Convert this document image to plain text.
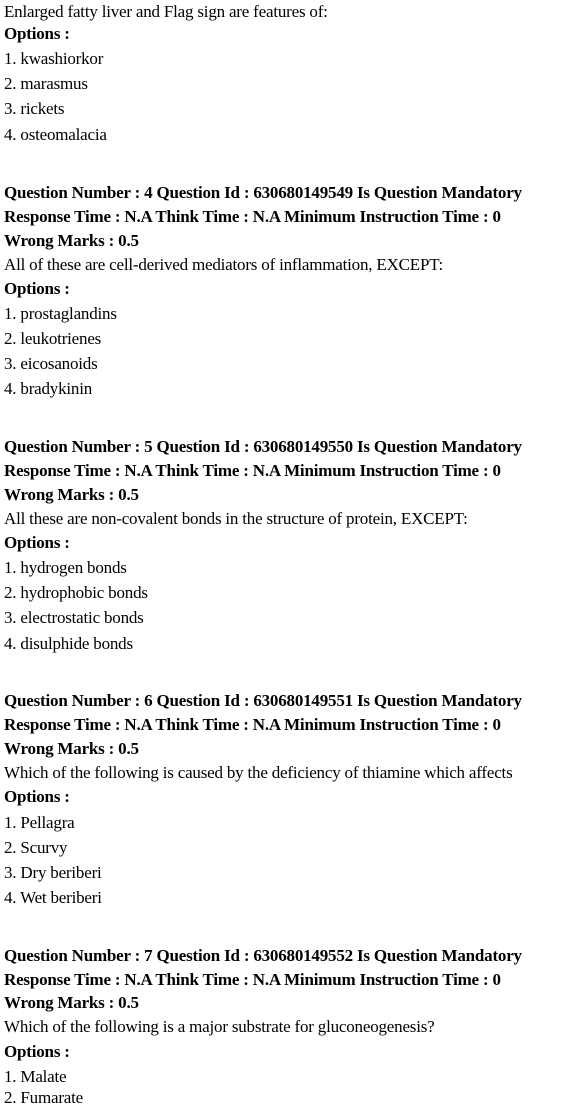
Enlarged fatty liver and Flag sign are features of:
Options :
1. kwashiorkor
2. marasmus
3. rickets
4. osteomalacia
Question Number : 4 Question Id : 630680149549 Is Question Mandatory
Response Time : N.A Think Time : N.A Minimum Instruction Time : 0
Wrong Marks : 0.5
All of these are cell-derived mediators of inflammation, EXCEPT:
Options :
1. prostaglandins
2. leukotrienes
3. eicosanoids
4. bradykinin
Question Number : 5 Question Id : 630680149550 Is Question Mandatory
Response Time : N.A Think Time : N.A Minimum Instruction Time : 0
Wrong Marks : 0.5
All these are non-covalent bonds in the structure of protein, EXCEPT:
Options :
1. hydrogen bonds
2. hydrophobic bonds
3. electrostatic bonds
4. disulphide bonds
Question Number : 6 Question Id : 630680149551 Is Question Mandatory
Response Time : N.A Think Time : N.A Minimum Instruction Time : 0
Wrong Marks : 0.5
Which of the following is caused by the deficiency of thiamine which affects
Options :
1. Pellagra
2. Scurvy
3. Dry beriberi
4. Wet beriberi
Question Number : 7 Question Id : 630680149552 Is Question Mandatory
Response Time : N.A Think Time : N.A Minimum Instruction Time : 0
Wrong Marks : 0.5
Which of the following is a major substrate for gluconeogenesis?
Options :
1. Malate
2. Fumarate
